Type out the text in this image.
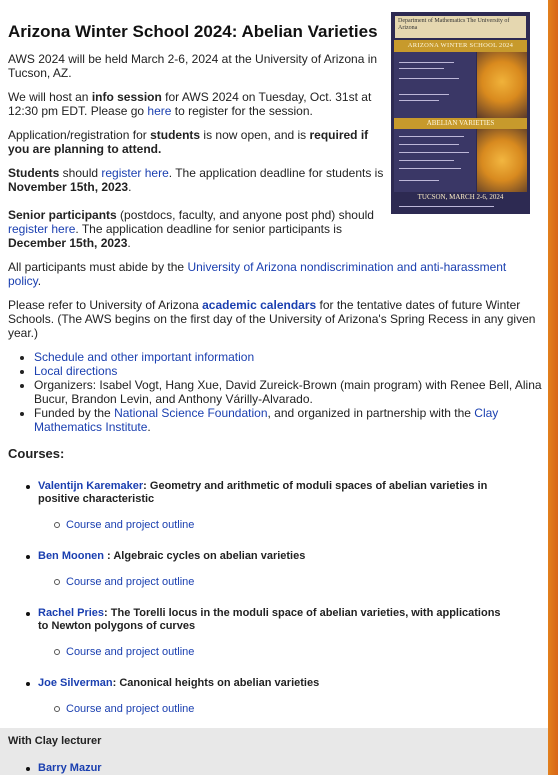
Arizona Winter School 2024: Abelian Varieties

AWS 2024 will be held March 2-6, 2024 at the University of Arizona in Tucson, AZ.

We will host an info session for AWS 2024 on Tuesday, Oct. 31st at 12:30 pm EDT. Please go here to register for the session.

Application/registration for students is now open, and is required if you are planning to attend.

Students should register here. The application deadline for students is November 15th, 2023.

Senior participants (postdocs, faculty, and anyone post phd) should register here. The application deadline for senior participants is December 15th, 2023.

All participants must abide by the University of Arizona nondiscrimination and anti-harassment policy.

Please refer to University of Arizona academic calendars for the tentative dates of future Winter Schools. (The AWS begins on the first day of the University of Arizona's Spring Recess in any given year.)

• Schedule and other important information
• Local directions
• Organizers: Isabel Vogt, Hang Xue, David Zureick-Brown (main program) with Renee Bell, Alina Bucur, Brandon Levin, and Anthony Várilly-Alvarado.
• Funded by the National Science Foundation, and organized in partnership with the Clay Mathematics Institute.
Courses:
Valentijn Karemaker: Geometry and arithmetic of moduli spaces of abelian varieties in positive characteristic
Course and project outline
Ben Moonen : Algebraic cycles on abelian varieties
Course and project outline
Rachel Pries: The Torelli locus in the moduli space of abelian varieties, with applications to Newton polygons of curves
Course and project outline
Joe Silverman: Canonical heights on abelian varieties
Course and project outline
With Clay lecturer
Barry Mazur
Department of Mathematics The University of Arizona
ARIZONA WINTER SCHOOL 2024
ABELIAN VARIETIES
TUCSON, MARCH 2-6, 2024
